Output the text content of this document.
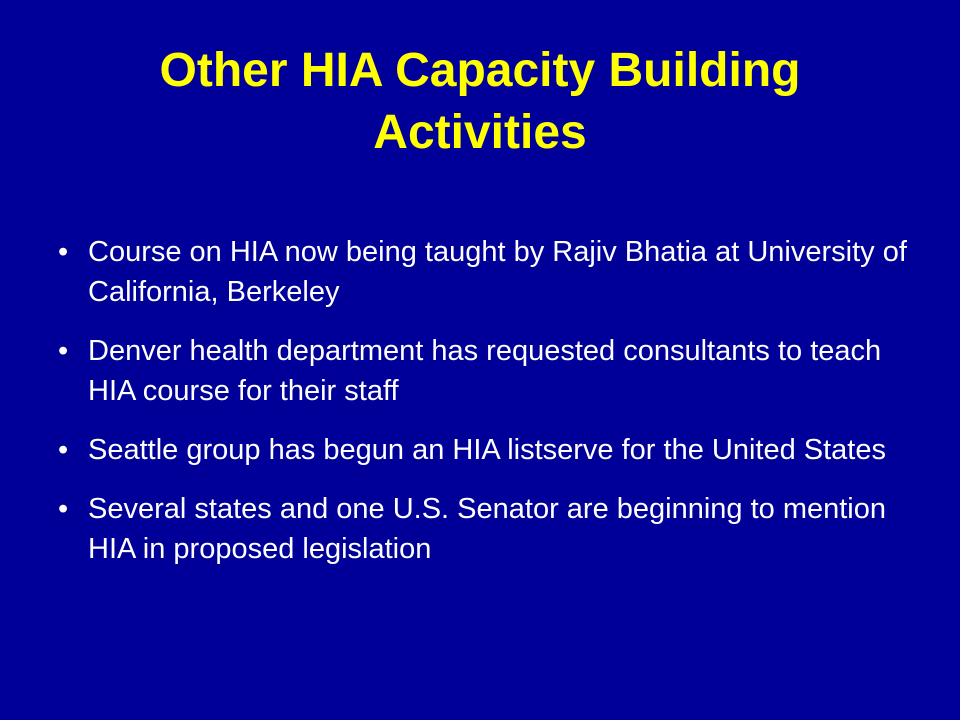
Other HIA Capacity Building Activities
• Course on HIA now being taught by Rajiv Bhatia at University of California, Berkeley
• Denver health department has requested consultants to teach HIA course for their staff
• Seattle group has begun an HIA listserve for the United States
• Several states and one U.S. Senator are beginning to mention HIA in proposed legislation
